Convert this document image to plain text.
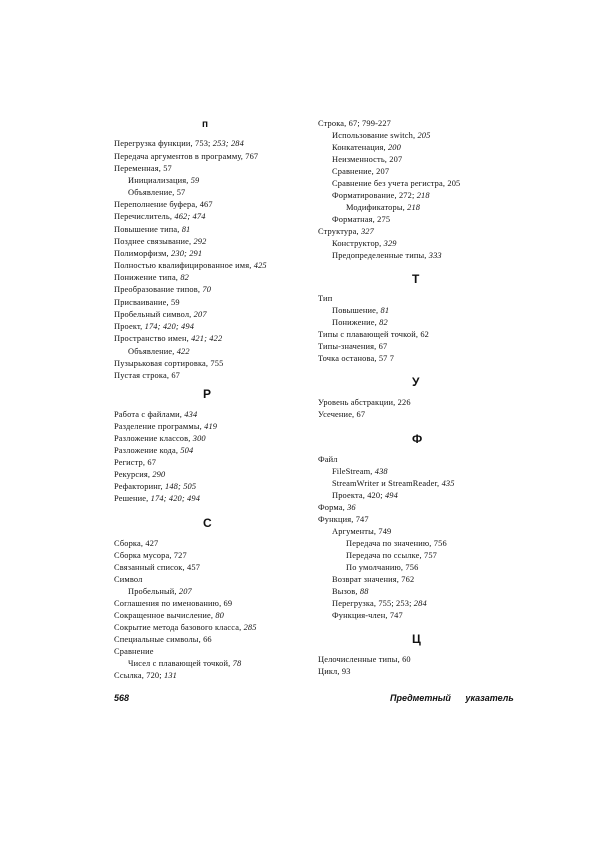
п
Перегрузка функции, 753; 253; 284
Передача аргументов в программу, 767
Переменная, 57
Инициализация, 59
Объявление, 57
Переполнение буфера, 467
Перечислитель, 462; 474
Повышение типа, 81
Позднее связывание, 292
Полиморфизм, 230; 291
Полностью квалифицированное имя, 425
Понижение типа, 82
Преобразование типов, 70
Присваивание, 59
Пробельный символ, 207
Проект, 174; 420; 494
Пространство имен, 421; 422
Объявление, 422
Пузырьковая сортировка, 755
Пустая строка, 67
Р
Работа с файлами, 434
Разделение программы, 419
Разложение классов, 300
Разложение кода, 504
Регистр, 67
Рекурсия, 290
Рефакторинг, 148; 505
Решение, 174; 420; 494
С
Сборка, 427
Сборка мусора, 727
Связанный список, 457
Символ
Пробельный, 207
Соглашения по именованию, 69
Сокращенное вычисление, 80
Сокрытие метода базового класса, 285
Специальные символы, 66
Сравнение
Чисел с плавающей точкой, 78
Ссылка, 720; 131
Строка, 67; 799-227
Использование switch, 205
Конкатенация, 200
Неизменность, 207
Сравнение, 207
Сравнение без учета регистра, 205
Форматирование, 272; 218
Модификаторы, 218
Форматная, 275
Структура, 327
Конструктор, 329
Предопределенные типы, 333
Т
Тип
Повышение, 81
Понижение, 82
Типы с плавающей точкой, 62
Типы-значения, 67
Точка останова, 57 7
У
Уровень абстракции, 226
Усечение, 67
Ф
Файл
FileStream, 438
StreamWriter и StreamReader, 435
Проекта, 420; 494
Форма, 36
Функция, 747
Аргументы, 749
Передача по значению, 756
Передача по ссылке, 757
По умолчанию, 756
Возврат значения, 762
Вызов, 88
Перегрузка, 755; 253; 284
Функция-член, 747
Ц
Целочисленные типы, 60
Цикл, 93
568	Предметный указатель
